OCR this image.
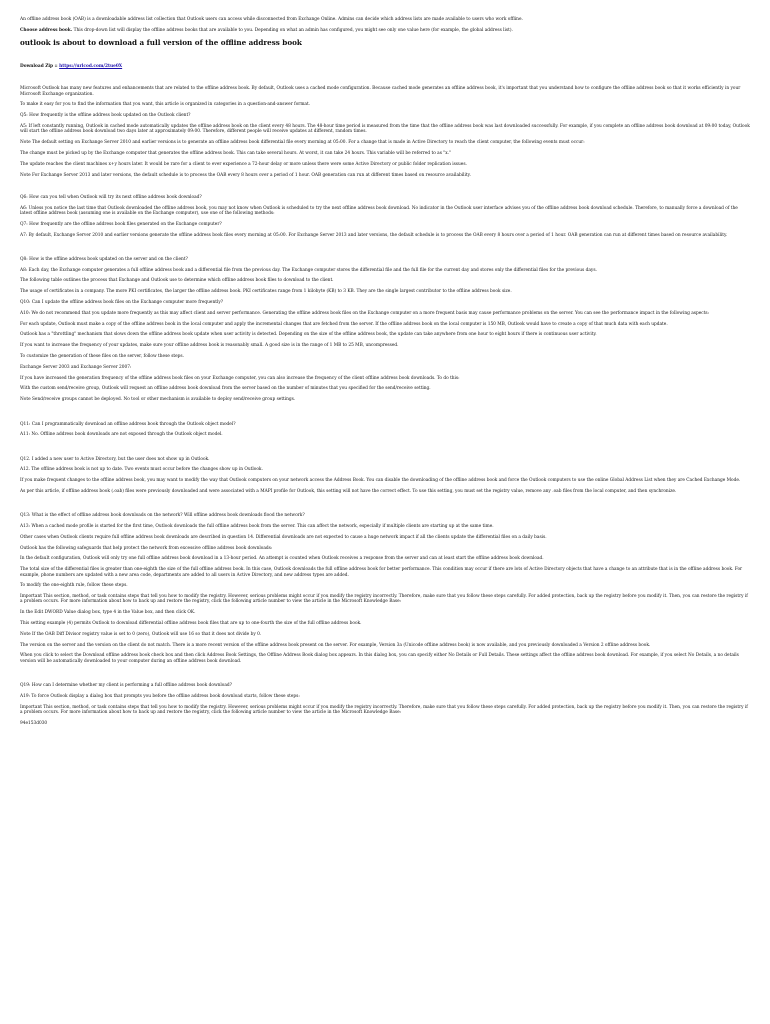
An offline address book (OAB) is a downloadable address list collection that Outlook users can access while disconnected from Exchange Online. Admins can decide which address lists are made available to users who work offline.

Choose address book. This drop-down list will display the offline address books that are available to you. Depending on what an admin has configured, you might see only one value here (for example, the global address list).

outlook is about to download a full version of the offline address book

Download Zip :: https://urlcod.com/2tue0X

Microsoft Outlook has many new features and enhancements that are related to the offline address book. By default, Outlook uses a cached mode configuration. Because cached mode generates an offline address book, it's important that you understand how to configure the offline address book so that it works efficiently in your Microsoft Exchange organization.

To make it easy for you to find the information that you want, this article is organized in categories in a question-and-answer format.

Q5: How frequently is the offline address book updated on the Outlook client?

A5: If left constantly running, Outlook in cached mode automatically updates the offline address book on the client every 48 hours. The 48-hour time period is measured from the time that the offline address book was last downloaded successfully. For example, if you complete an offline address book download at 09:00 today, Outlook will start the offline address book download two days later at approximately 09:00. Therefore, different people will receive updates at different, random times.

Note The default setting on Exchange Server 2010 and earlier versions is to generate an offline address book differential file every morning at 05:00. For a change that is made in Active Directory to reach the client computer, the following events must occur:

The change must be picked up by the Exchange computer that generates the offline address book. This can take several hours. At worst, it can take 24 hours. This variable will be referred to as "x."

The update reaches the client machines x+y hours later. It would be rare for a client to ever experience a 72-hour delay or more unless there were some Active Directory or public folder replication issues.

Note For Exchange Server 2013 and later versions, the default schedule is to process the OAB every 8 hours over a period of 1 hour. OAB generation can run at different times based on resource availability.

Q6: How can you tell when Outlook will try its next offline address book download?

A6: Unless you notice the last time that Outlook downloaded the offline address book, you may not know when Outlook is scheduled to try the next offline address book download. No indicator in the Outlook user interface advises you of the offline address book download schedule. Therefore, to manually force a download of the latest offline address book (assuming one is available on the Exchange computer), use one of the following methods:

Q7: How frequently are the offline address book files generated on the Exchange computer?

A7: By default, Exchange Server 2010 and earlier versions generate the offline address book files every morning at 05:00. For Exchange Server 2013 and later versions, the default schedule is to process the OAB every 8 hours over a period of 1 hour. OAB generation can run at different times based on resource availability.

Q8: How is the offline address book updated on the server and on the client?

A8: Each day, the Exchange computer generates a full offline address book and a differential file from the previous day. The Exchange computer stores the differential file and the full file for the current day and stores only the differential files for the previous days.

The following table outlines the process that Exchange and Outlook use to determine which offline address book files to download to the client.

The usage of certificates in a company. The more PKI certificates, the larger the offline address book. PKI certificates range from 1 kilobyte (KB) to 3 KB. They are the single largest contributor to the offline address book size.

Q10: Can I update the offline address book files on the Exchange computer more frequently?

A10: We do not recommend that you update more frequently as this may affect client and server performance. Generating the offline address book files on the Exchange computer on a more frequent basis may cause performance problems on the server. You can see the performance impact in the following aspects:

For each update, Outlook must make a copy of the offline address book in the local computer and apply the incremental changes that are fetched from the server. If the offline address book on the local computer is 150 MB, Outlook would have to create a copy of that much data with each update.

Outlook has a "throttling" mechanism that slows down the offline address book update when user activity is detected. Depending on the size of the offline address book, the update can take anywhere from one hour to eight hours if there is continuous user activity.

If you want to increase the frequency of your updates, make sure your offline address book is reasonably small. A good size is in the range of 1 MB to 25 MB, uncompressed.

To customize the generation of these files on the server, follow these steps.

Exchange Server 2003 and Exchange Server 2007:

If you have increased the generation frequency of the offline address book files on your Exchange computer, you can also increase the frequency of the client offline address book downloads. To do this:

With the custom send/receive group, Outlook will request an offline address book download from the server based on the number of minutes that you specified for the send/receive setting.

Note Send/receive groups cannot be deployed. No tool or other mechanism is available to deploy send/receive group settings.

Q11: Can I programmatically download an offline address book through the Outlook object model?

A11: No. Offline address book downloads are not exposed through the Outlook object model.

Q12. I added a new user to Active Directory, but the user does not show up in Outlook.

A12. The offline address book is not up to date. Two events must occur before the changes show up in Outlook.

If you make frequent changes to the offline address book, you may want to modify the way that Outlook computers on your network access the Address Book. You can disable the downloading of the offline address book and force the Outlook computers to use the online Global Address List when they are Cached Exchange Mode.

As per this article, if offline address book (.oab) files were previously downloaded and were associated with a MAPI profile for Outlook, this setting will not have the correct effect. To use this setting, you must set the registry value, remove any .oab files from the local computer, and then synchronize.

Q13: What is the effect of offline address book downloads on the network? Will offline address book downloads flood the network?

A13: When a cached mode profile is started for the first time, Outlook downloads the full offline address book from the server. This can affect the network, especially if multiple clients are starting up at the same time.

Other cases when Outlook clients require full offline address book downloads are described in question 14. Differential downloads are not expected to cause a huge network impact if all the clients update the differential files on a daily basis.

Outlook has the following safeguards that help protect the network from excessive offline address book downloads:

In the default configuration, Outlook will only try one full offline address book download in a 13-hour period. An attempt is counted when Outlook receives a response from the server and can at least start the offline address book download.

The total size of the differential files is greater than one-eighth the size of the full offline address book. In this case, Outlook downloads the full offline address book for better performance. This condition may occur if there are lots of Active Directory objects that have a change to an attribute that is in the offline address book. For example, phone numbers are updated with a new area code, departments are added to all users in Active Directory, and new address types are added.

To modify the one-eighth rule, follow these steps.

Important This section, method, or task contains steps that tell you how to modify the registry. However, serious problems might occur if you modify the registry incorrectly. Therefore, make sure that you follow these steps carefully. For added protection, back up the registry before you modify it. Then, you can restore the registry if a problem occurs. For more information about how to back up and restore the registry, click the following article number to view the article in the Microsoft Knowledge Base:

In the Edit DWORD Value dialog box, type 4 in the Value box, and then click OK.

This setting example (4) permits Outlook to download differential offline address book files that are up to one-fourth the size of the full offline address book.

Note If the OAB Diff Divisor registry value is set to 0 (zero), Outlook will use 16 so that it does not divide by 0.

The version on the server and the version on the client do not match. There is a more recent version of the offline address book present on the server. For example, Version 3a (Unicode offline address book) is now available, and you previously downloaded a Version 2 offline address book.

When you click to select the Download offline address book check box and then click Address Book Settings, the Offline Address Book dialog box appears. In this dialog box, you can specify either No Details or Full Details. These settings affect the offline address book download. For example, if you select No Details, a no details version will be automatically downloaded to your computer during an offline address book download.

Q19: How can I determine whether my client is performing a full offline address book download?

A19: To force Outlook display a dialog box that prompts you before the offline address book download starts, follow these steps:

Important This section, method, or task contains steps that tell you how to modify the registry. However, serious problems might occur if you modify the registry incorrectly. Therefore, make sure that you follow these steps carefully. For added protection, back up the registry before you modify it. Then, you can restore the registry if a problem occurs. For more information about how to back up and restore the registry, click the following article number to view the article in the Microsoft Knowledge Base:

94e153d030
